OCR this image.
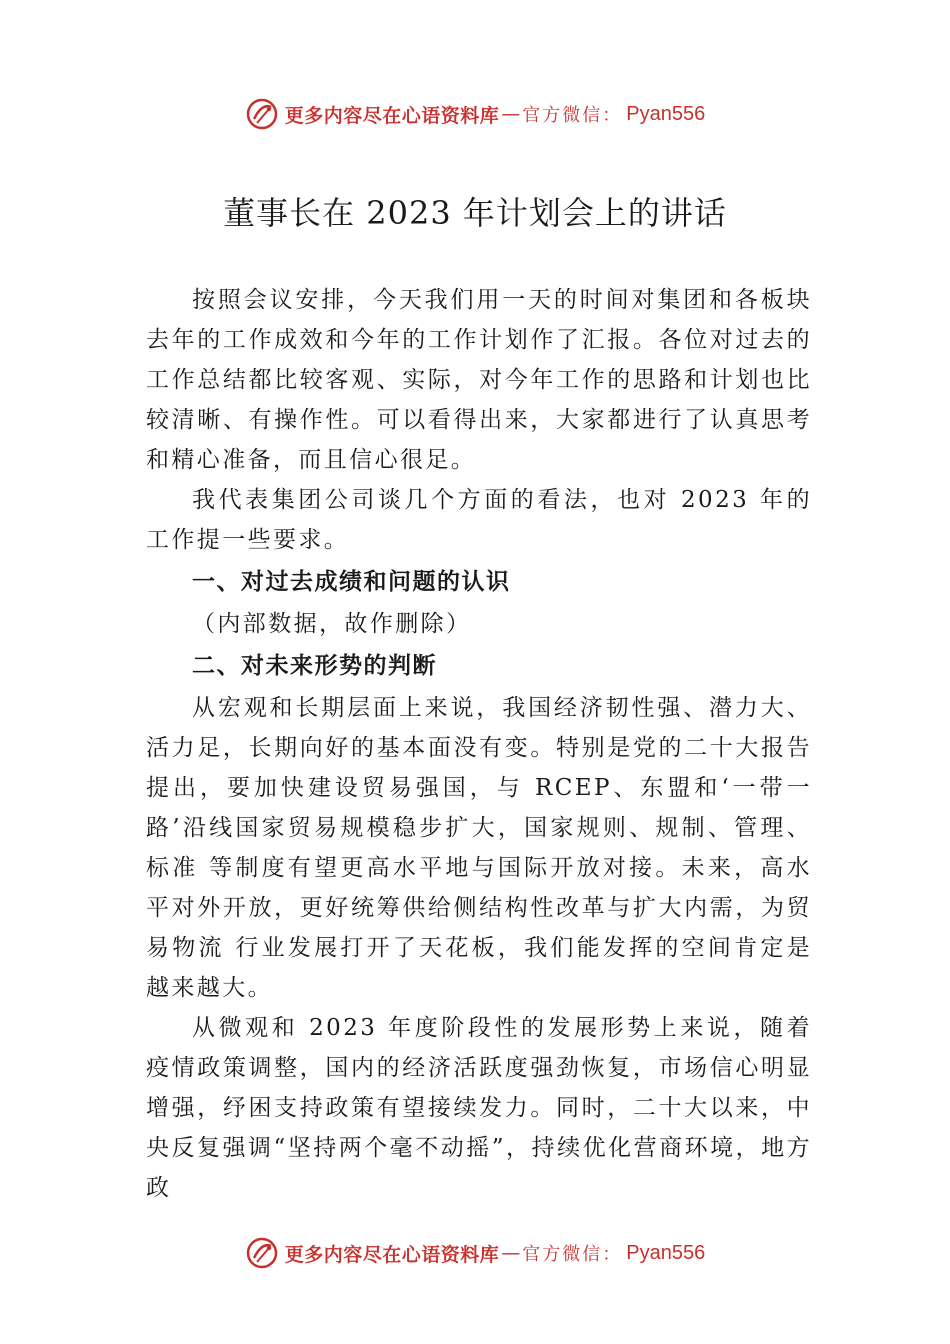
更多内容尽在心语资料库 — 官方微信： Pyan556
董事长在 2023 年计划会上的讲话

按照会议安排，今天我们用一天的时间对集团和各板块去年的工作成效和今年的工作计划作了汇报。各位对过去的工作总结都比较客观、实际，对今年工作的思路和计划也比较清晰、有操作性。可以看得出来，大家都进行了认真思考和精心准备，而且信心很足。

我代表集团公司谈几个方面的看法，也对 2023 年的工作提一些要求。

一、对过去成绩和问题的认识

（内部数据，故作删除）

二、对未来形势的判断

从宏观和长期层面上来说，我国经济韧性强、潜力大、活力足，长期向好的基本面没有变。特别是党的二十大报告提出，要加快建设贸易强国，与 RCEP、东盟和‘一带一路’沿线国家贸易规模稳步扩大，国家规则、规制、管理、标准 等制度有望更高水平地与国际开放对接。未来，高水平对外开放，更好统筹供给侧结构性改革与扩大内需，为贸易物流 行业发展打开了天花板，我们能发挥的空间肯定是越来越大。

从微观和 2023 年度阶段性的发展形势上来说，随着疫情政策调整，国内的经济活跃度强劲恢复，市场信心明显增强，纾困支持政策有望接续发力。同时，二十大以来，中央反复强调“坚持两个毫不动摇”，持续优化营商环境，地方政

更多内容尽在心语资料库 — 官方微信： Pyan556
